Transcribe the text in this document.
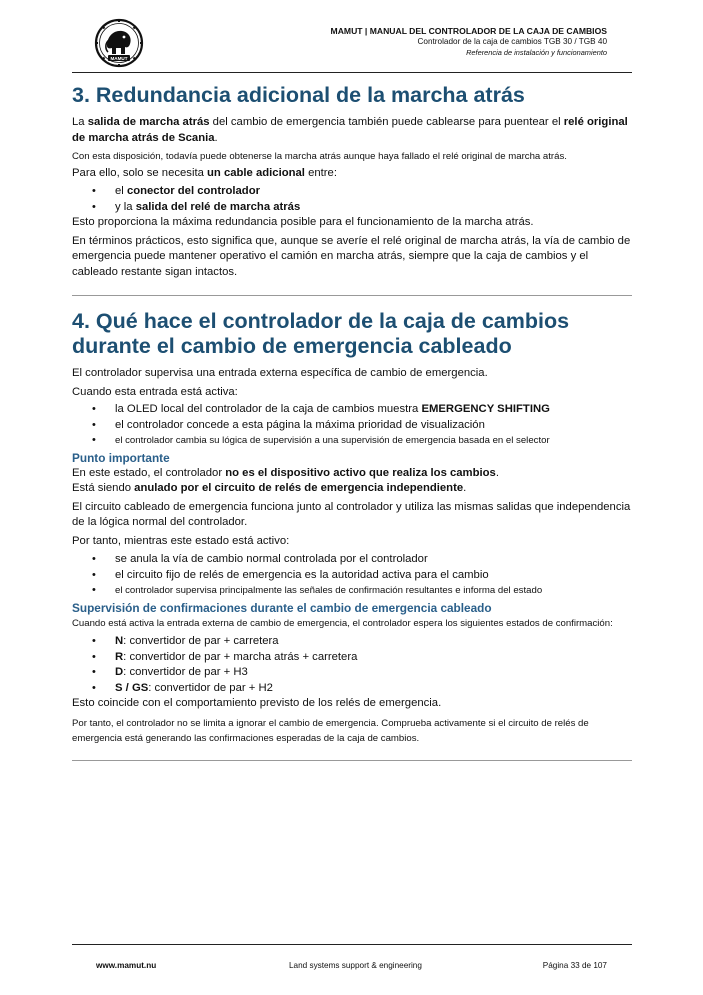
MAMUT
MAMUT | MANUAL DEL CONTROLADOR DE LA CAJA DE CAMBIOS
Controlador de la caja de cambios TGB 30 / TGB 40
Referencia de instalación y funcionamiento
3. Redundancia adicional de la marcha atrás

La salida de marcha atrás del cambio de emergencia también puede cablearse para puentear el relé original de marcha atrás de Scania.

Con esta disposición, todavía puede obtenerse la marcha atrás aunque haya fallado el relé original de marcha atrás.

Para ello, solo se necesita un cable adicional entre:

• el conector del controlador
• y la salida del relé de marcha atrás

Esto proporciona la máxima redundancia posible para el funcionamiento de la marcha atrás.

En términos prácticos, esto significa que, aunque se averíe el relé original de marcha atrás, la vía de cambio de emergencia puede mantener operativo el camión en marcha atrás, siempre que la caja de cambios y el cableado restante sigan intactos.

4. Qué hace el controlador de la caja de cambios durante el cambio de emergencia cableado

El controlador supervisa una entrada externa específica de cambio de emergencia.

Cuando esta entrada está activa:

• la OLED local del controlador de la caja de cambios muestra EMERGENCY SHIFTING
• el controlador concede a esta página la máxima prioridad de visualización
• el controlador cambia su lógica de supervisión a una supervisión de emergencia basada en el selector
Punto importante

En este estado, el controlador no es el dispositivo activo que realiza los cambios.

Está siendo anulado por el circuito de relés de emergencia independiente.

El circuito cableado de emergencia funciona junto al controlador y utiliza las mismas salidas que independencia de la lógica normal del controlador.

Por tanto, mientras este estado está activo:

• se anula la vía de cambio normal controlada por el controlador
• el circuito fijo de relés de emergencia es la autoridad activa para el cambio
• el controlador supervisa principalmente las señales de confirmación resultantes e informa del estado
Supervisión de confirmaciones durante el cambio de emergencia cableado

Cuando está activa la entrada externa de cambio de emergencia, el controlador espera los siguientes estados de confirmación:

• N: convertidor de par + carretera
• R: convertidor de par + marcha atrás + carretera
• D: convertidor de par + H3
• S / GS: convertidor de par + H2

Esto coincide con el comportamiento previsto de los relés de emergencia.

Por tanto, el controlador no se limita a ignorar el cambio de emergencia. Comprueba activamente si el circuito de relés de emergencia está generando las confirmaciones esperadas de la caja de cambios.

www.mamut.nu	Land systems support & engineering	Página 33 de 107
